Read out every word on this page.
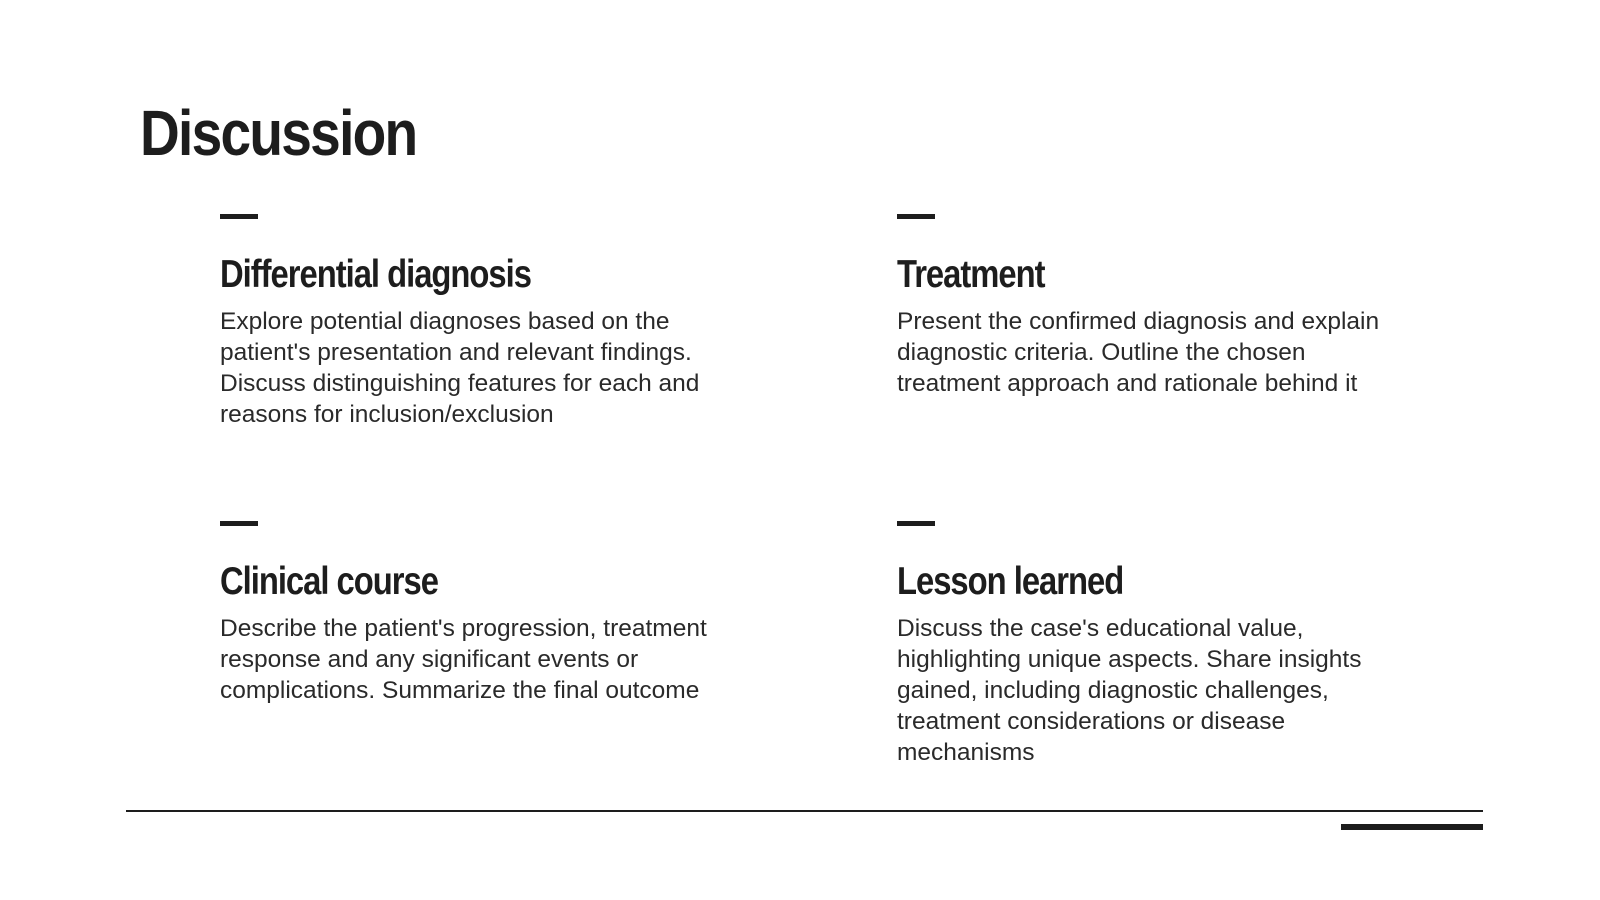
Discussion
Differential diagnosis

Explore potential diagnoses based on the patient's presentation and relevant findings. Discuss distinguishing features for each and reasons for inclusion/exclusion

Treatment

Present the confirmed diagnosis and explain diagnostic criteria. Outline the chosen treatment approach and rationale behind it

Clinical course

Describe the patient's progression, treatment response and any significant events or complications. Summarize the final outcome

Lesson learned

Discuss the case's educational value, highlighting unique aspects. Share insights gained, including diagnostic challenges, treatment considerations or disease mechanisms
